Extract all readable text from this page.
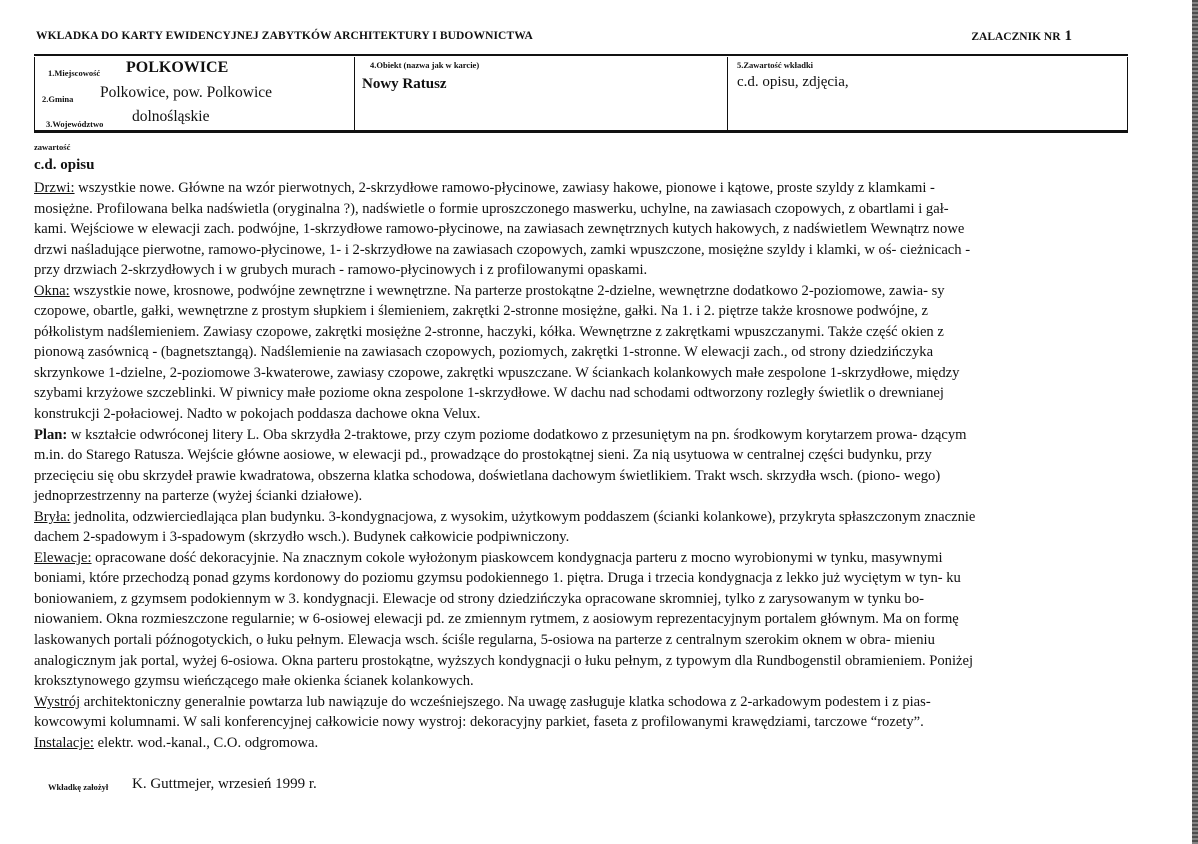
WKLADKA DO KARTY EWIDENCYJNEJ ZABYTKÓW ARCHITEKTURY I BUDOWNICTWA	ZALACZNIK NR 1
1.Miejscowość POLKOWICE
2.Gmina Polkowice, pow. Polkowice
3.Województwo dolnośląskie
4.Obiekt (nazwa jak w karcie)
Nowy Ratusz
5.Zawartość wkładki
c.d. opisu, zdjęcia,
zawartość
c.d. opisu
Drzwi: wszystkie nowe. Główne na wzór pierwotnych, 2-skrzydłowe ramowo-płycinowe, zawiasy hakowe, pionowe i kątowe, proste szyldy z klamkami -
mosiężne. Profilowana belka nadświetla (oryginalna ?), nadświetle o formie uproszczonego maswerku, uchylne, na zawiasach czopowych, z obartlami i gał-
kami. Wejściowe w elewacji zach. podwójne, 1-skrzydłowe ramowo-płycinowe, na zawiasach zewnętrznych kutych hakowych, z nadświetlem Wewnątrz nowe
drzwi naśladujące pierwotne, ramowo-płycinowe, 1- i 2-skrzydłowe na zawiasach czopowych, zamki wpuszczone, mosiężne szyldy i klamki, w oś- cieżnicach -
przy drzwiach 2-skrzydłowych i w grubych murach - ramowo-płycinowych i z profilowanymi opaskami.
Okna: wszystkie nowe, krosnowe, podwójne zewnętrzne i wewnętrzne. Na parterze prostokątne 2-dzielne, wewnętrzne dodatkowo 2-poziomowe, zawia- sy
czopowe, obartle, gałki, wewnętrzne z prostym słupkiem i ślemieniem, zakrętki 2-stronne mosiężne, gałki. Na 1. i 2. piętrze także krosnowe podwójne, z
półkolistym nadślemieniem. Zawiasy czopowe, zakrętki mosiężne 2-stronne, haczyki, kółka. Wewnętrzne z zakrętkami wpuszczanymi. Także część okien z
pionową zasówniсą - (bagnetsztangą). Nadślemienie na zawiasach czopowych, poziomych, zakrętki 1-stronne. W elewacji zach., od strony dziedzińczyka
skrzynkowe 1-dzielne, 2-poziomowe 3-kwaterowe, zawiasy czopowe, zakrętki wpuszczane. W ściankach kolankowych małe zespolone 1-skrzydłowe, między
szybami krzyżowe szczeblinki. W piwnicy małe poziome okna zespolone 1-skrzydłowe. W dachu nad schodami odtworzony rozległy świetlik o drewnianej
konstrukcji 2-połaciowej. Nadto w pokojach poddasza dachowe okna Velux.
Plan: w kształcie odwróconej litery L. Oba skrzydła 2-traktowe, przy czym poziome dodatkowo z przesuniętym na pn. środkowym korytarzem prowa- dzącym
m.in. do Starego Ratusza. Wejście główne aosiowe, w elewacji pd., prowadzące do prostokątnej sieni. Za nią usytuowa w centralnej części budynku, przy
przecięciu się obu skrzydeł prawie kwadratowa, obszerna klatka schodowa, doświetlana dachowym świetlikiem. Trakt wsch. skrzydła wsch. (piono- wego)
jednoprzestrzenny na parterze (wyżej ścianki działowe).
Bryła: jednolita, odzwierciedlająca plan budynku. 3-kondygnacjowa, z wysokim, użytkowym poddaszem (ścianki kolankowe), przykryta spłaszczonym znacznie
dachem 2-spadowym i 3-spadowym (skrzydło wsch.). Budynek całkowicie podpiwniczony.
Elewacje: opracowane dość dekoracyjnie. Na znacznym cokole wyłożonym piaskowcem kondygnacja parteru z mocno wyrobionymi w tynku, masywnymi
boniami, które przechodzą ponad gzyms kordonowy do poziomu gzymsu podokiennego 1. piętra. Druga i trzecia kondygnacja z lekko już wyciętym w tyn- ku
boniowaniem, z gzymsem podokiennym w 3. kondygnacji. Elewacje od strony dziedzińczyka opracowane skromniej, tylko z zarysowanym w tynku bo-
niowaniem. Okna rozmieszczone regularnie; w 6-osiowej elewacji pd. ze zmiennym rytmem, z aosiowym reprezentacyjnym portalem głównym. Ma on formę
laskowanych portali późnogotyckich, o łuku pełnym. Elewacja wsch. ściśle regularna, 5-osiowa na parterze z centralnym szerokim oknem w obra- mieniu
analogicznym jak portal, wyżej 6-osiowa. Okna parteru prostokątne, wyższych kondygnacji o łuku pełnym, z typowym dla Rundbogenstil obramieniem. Poniżej
kroksztynowego gzymsu wieńczącego małe okienka ścianek kolankowych.
Wystrój architektoniczny generalnie powtarza lub nawiązuje do wcześniejszego. Na uwagę zasługuje klatka schodowa z 2-arkadowym podestem i z pias-
kowcowymi kolumnami. W sali konferencyjnej całkowicie nowy wystroj: dekoracyjny parkiet, faseta z profilowanymi krawędziami, tarczowe “rozety”.
Instalacje: elektr. wod.-kanal., C.O. odgromowa.
Wkładkę założył K. Guttmejer, wrzesień 1999 r.
